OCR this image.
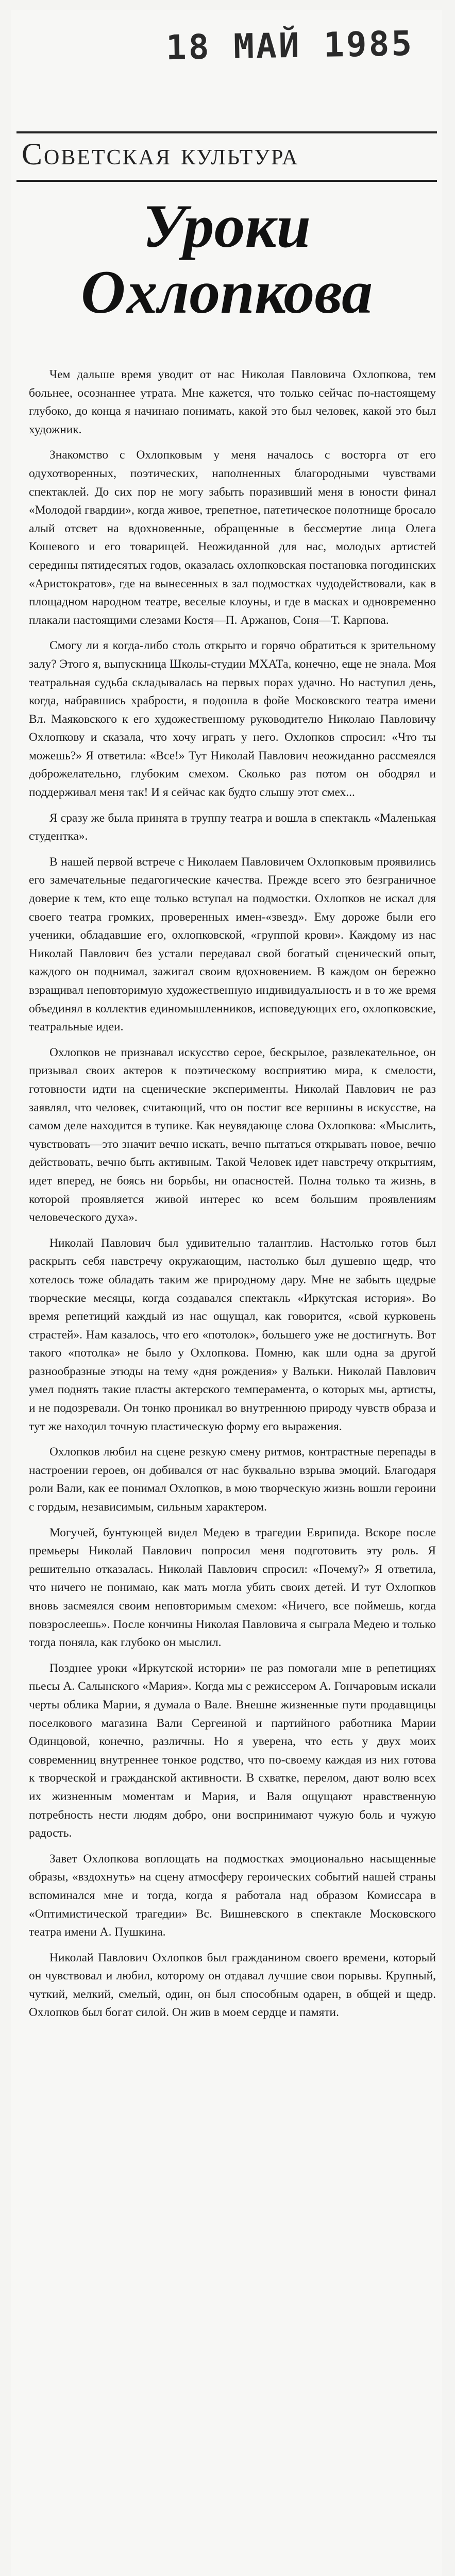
18 МАЙ 1985
Советская культура
Уроки
Охлопкова

Чем дальше время уводит от нас Николая Павловича Охлопкова, тем больнее, осознаннее утрата. Мне кажется, что только сейчас по-настоящему глубоко, до конца я начинаю понимать, какой это был человек, какой это был художник.

Знакомство с Охлопковым у меня началось с восторга от его одухотворенных, поэтических, наполненных благородными чувствами спектаклей. До сих пор не могу забыть поразивший меня в юности финал «Молодой гвардии», когда живое, трепетное, патетическое полотнище бросало алый отсвет на вдохновенные, обращенные в бессмертие лица Олега Кошевого и его товарищей. Неожиданной для нас, молодых артистей середины пятидесятых годов, оказалась охлопковская постановка погодинских «Аристократов», где на вынесенных в зал подмостках чудодействовали, как в площадном народном театре, веселые клоуны, и где в масках и одновременно плакали настоящими слезами Костя—П. Аржанов, Соня—Т. Карпова.

Смогу ли я когда-либо столь открыто и горячо обратиться к зрительному залу? Этого я, выпускница Школы-студии МХАТа, конечно, еще не знала. Моя театральная судьба складывалась на первых порах удачно. Но наступил день, когда, набравшись храбрости, я подошла в фойе Московского театра имени Вл. Маяковского к его художественному руководителю Николаю Павловичу Охлопкову и сказала, что хочу играть у него. Охлопков спросил: «Что ты можешь?» Я ответила: «Все!» Тут Николай Павлович неожиданно рассмеялся доброжелательно, глубоким смехом. Сколько раз потом он ободрял и поддерживал меня так! И я сейчас как будто слышу этот смех...

Я сразу же была принята в труппу театра и вошла в спектакль «Маленькая студентка».

В нашей первой встрече с Николаем Павловичем Охлопковым проявились его замечательные педагогические качества. Прежде всего это безграничное доверие к тем, кто еще только вступал на подмостки. Охлопков не искал для своего театра громких, проверенных имен-«звезд». Ему дороже были его ученики, обладавшие его, охлопковской, «группой крови». Каждому из нас Николай Павлович без устали передавал свой богатый сценический опыт, каждого он поднимал, зажигал своим вдохновением. В каждом он бережно взращивал неповторимую художественную индивидуальность и в то же время объединял в коллектив единомышленников, исповедующих его, охлопковские, театральные идеи.

Охлопков не признавал искусство серое, бескрылое, развлекательное, он призывал своих актеров к поэтическому восприятию мира, к смелости, готовности идти на сценические эксперименты. Николай Павлович не раз заявлял, что человек, считающий, что он постиг все вершины в искусстве, на самом деле находится в тупике. Как неувядающе слова Охлопкова: «Мыслить, чувствовать—это значит вечно искать, вечно пытаться открывать новое, вечно действовать, вечно быть активным. Такой Человек идет навстречу открытиям, идет вперед, не боясь ни борьбы, ни опасностей. Полна только та жизнь, в которой проявляется живой интерес ко всем большим проявлениям человеческого духа».

Николай Павлович был удивительно талантлив. Настолько готов был раскрыть себя навстречу окружающим, настолько был душевно щедр, что хотелось тоже обладать таким же природному дару. Мне не забыть щедрые творческие месяцы, когда создавался спектакль «Иркутская история». Во время репетиций каждый из нас ощущал, как говорится, «свой курковень страстей». Нам казалось, что его «потолок», большего уже не достигнуть. Вот такого «потолка» не было у Охлопкова. Помню, как шли одна за другой разнообразные этюды на тему «дня рождения» у Вальки. Николай Павлович умел поднять такие пласты актерского темперамента, о которых мы, артисты, и не подозревали. Он тонко проникал во внутреннюю природу чувств образа и тут же находил точную пластическую форму его выражения.

Охлопков любил на сцене резкую смену ритмов, контрастные перепады в настроении героев, он добивался от нас буквально взрыва эмоций. Благодаря роли Вали, как ее понимал Охлопков, в мою творческую жизнь вошли героини с гордым, независимым, сильным характером.

Могучей, бунтующей видел Медею в трагедии Еврипида. Вскоре после премьеры Николай Павлович попросил меня подготовить эту роль. Я решительно отказалась. Николай Павлович спросил: «Почему?» Я ответила, что ничего не понимаю, как мать могла убить своих детей. И тут Охлопков вновь засмеялся своим неповторимым смехом: «Ничего, все поймешь, когда повзрослеешь». После кончины Николая Павловича я сыграла Медею и только тогда поняла, как глубоко он мыслил.

Позднее уроки «Иркутской истории» не раз помогали мне в репетициях пьесы А. Салынского «Мария». Когда мы с режиссером А. Гончаровым искали черты облика Марии, я думала о Вале. Внешне жизненные пути продавщицы поселкового магазина Вали Сергеиной и партийного работника Марии Одинцовой, конечно, различны. Но я уверена, что есть у двух моих современниц внутреннее тонкое родство, что по-своему каждая из них готова к творческой и гражданской активности. В схватке, перелом, дают волю всех их жизненным моментам и Мария, и Валя ощущают нравственную потребность нести людям добро, они воспринимают чужую боль и чужую радость.

Завет Охлопкова воплощать на подмостках эмоционально насыщенные образы, «вздохнуть» на сцену атмосферу героических событий нашей страны вспоминался мне и тогда, когда я работала над образом Комиссара в «Оптимистической трагедии» Вс. Вишневского в спектакле Московского театра имени А. Пушкина.

Николай Павлович Охлопков был гражданином своего времени, который он чувствовал и любил, которому он отдавал лучшие свои порывы. Крупный, чуткий, мелкий, смелый, один, он был способным одарен, в общей и щедр. Охлопков был богат силой. Он жив в моем сердце и памяти.
